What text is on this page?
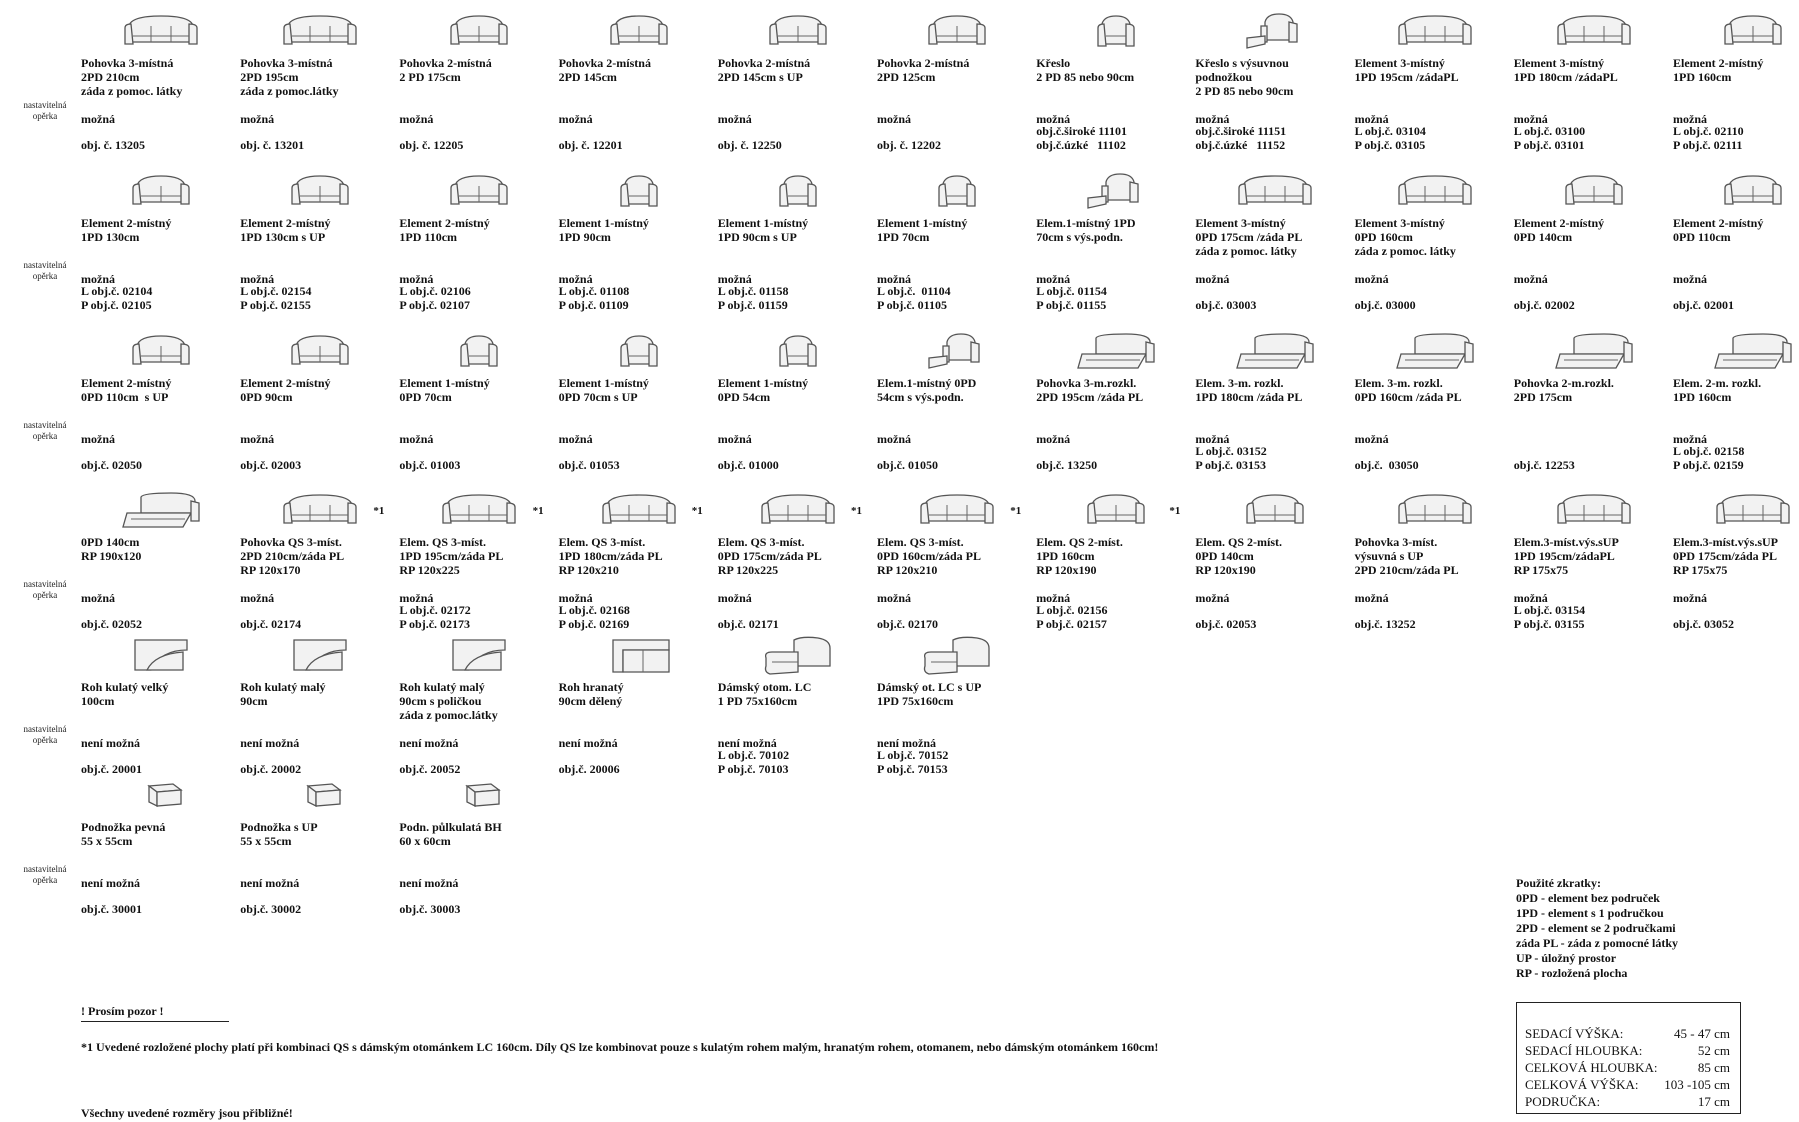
nastavitelná
opěrka
Pohovka 3-místná
2PD 210cm
záda z pomoc. látky
možná
obj. č. 13205
Pohovka 3-místná
2PD 195cm
záda z pomoc.látky
možná
obj. č. 13201
Pohovka 2-místná
2 PD 175cm
možná
obj. č. 12205
Pohovka 2-místná
2PD 145cm
možná
obj. č. 12201
Pohovka 2-místná
2PD 145cm s UP
možná
obj. č. 12250
Pohovka 2-místná
2PD 125cm
možná
obj. č. 12202
Křeslo
2 PD 85 nebo 90cm
možná
obj.č.široké 11101
obj.č.úzké   11102
Křeslo s výsuvnou
podnožkou
2 PD 85 nebo 90cm
možná
obj.č.široké 11151
obj.č.úzké   11152
Element 3-místný
1PD 195cm /zádaPL
možná
L obj.č. 03104
P obj.č. 03105
Element 3-místný
1PD 180cm /zádaPL
možná
L obj.č. 03100
P obj.č. 03101
Element 2-místný
1PD 160cm
možná
L obj.č. 02110
P obj.č. 02111
nastavitelná
opěrka
Element 2-místný
1PD 130cm
možná
L obj.č. 02104
P obj.č. 02105
Element 2-místný
1PD 130cm s UP
možná
L obj.č. 02154
P obj.č. 02155
Element 2-místný
1PD 110cm
možná
L obj.č. 02106
P obj.č. 02107
Element 1-místný
1PD 90cm
možná
L obj.č. 01108
P obj.č. 01109
Element 1-místný
1PD 90cm s UP
možná
L obj.č. 01158
P obj.č. 01159
Element 1-místný
1PD 70cm
možná
L obj.č.  01104
P obj.č. 01105
Elem.1-místný 1PD
70cm s výs.podn.
možná
L obj.č. 01154
P obj.č. 01155
Element 3-místný
0PD 175cm /záda PL
záda z pomoc. látky
možná
obj.č. 03003
Element 3-místný
0PD 160cm
záda z pomoc. látky
možná
obj.č. 03000
Element 2-místný
0PD 140cm
možná
obj.č. 02002
Element 2-místný
0PD 110cm
možná
obj.č. 02001
nastavitelná
opěrka
Element 2-místný
0PD 110cm  s UP
možná
obj.č. 02050
Element 2-místný
0PD 90cm
možná
obj.č. 02003
Element 1-místný
0PD 70cm
možná
obj.č. 01003
Element 1-místný
0PD 70cm s UP
možná
obj.č. 01053
Element 1-místný
0PD 54cm
možná
obj.č. 01000
Elem.1-místný 0PD
54cm s výs.podn.
možná
obj.č. 01050
Pohovka 3-m.rozkl.
2PD 195cm /záda PL
možná
obj.č. 13250
Elem. 3-m. rozkl.
1PD 180cm /záda PL
možná
L obj.č. 03152
P obj.č. 03153
Elem. 3-m. rozkl.
0PD 160cm /záda PL
možná
obj.č.  03050
Pohovka 2-m.rozkl.
2PD 175cm
obj.č. 12253
Elem. 2-m. rozkl.
1PD 160cm
možná
L obj.č. 02158
P obj.č. 02159
nastavitelná
opěrka
0PD 140cm
RP 190x120
možná
obj.č. 02052
Pohovka QS 3-míst.
2PD 210cm/záda PL
RP 120x170
možná
obj.č. 02174
Elem. QS 3-míst.
1PD 195cm/záda PL
RP 120x225
možná
L obj.č. 02172
P obj.č. 02173
*1
Elem. QS 3-míst.
1PD 180cm/záda PL
RP 120x210
možná
L obj.č. 02168
P obj.č. 02169
*1
Elem. QS 3-míst.
0PD 175cm/záda PL
RP 120x225
možná
obj.č. 02171
*1
Elem. QS 3-míst.
0PD 160cm/záda PL
RP 120x210
možná
obj.č. 02170
*1
Elem. QS 2-míst.
1PD 160cm
RP 120x190
možná
L obj.č. 02156
P obj.č. 02157
*1
Elem. QS 2-míst.
0PD 140cm
RP 120x190
možná
obj.č. 02053
*1
Pohovka 3-míst.
výsuvná s UP
2PD 210cm/záda PL
možná
obj.č. 13252
Elem.3-míst.výs.sUP
1PD 195cm/zádaPL
RP 175x75
možná
L obj.č. 03154
P obj.č. 03155
Elem.3-míst.výs.sUP
0PD 175cm/záda PL
RP 175x75
možná
obj.č. 03052
nastavitelná
opěrka
Roh kulatý velký
100cm
není možná
obj.č. 20001
Roh kulatý malý
90cm
není možná
obj.č. 20002
Roh kulatý malý
90cm s poličkou
záda z pomoc.látky
není možná
obj.č. 20052
Roh hranatý
90cm dělený
není možná
obj.č. 20006
Dámský otom. LC
1 PD 75x160cm
není možná
L obj.č. 70102
P obj.č. 70103
Dámský ot. LC s UP
1PD 75x160cm
není možná
L obj.č. 70152
P obj.č. 70153
nastavitelná
opěrka
Podnožka pevná
55 x 55cm
není možná
obj.č. 30001
Podnožka s UP
55 x 55cm
není možná
obj.č. 30002
Podn. půlkulatá BH
60 x 60cm
není možná
obj.č. 30003
Použité zkratky:
0PD - element bez područek
1PD - element s 1 područkou
2PD - element se 2 područkami
záda PL - záda z pomocné látky
UP - úložný prostor
RP - rozložená plocha
SEDACÍ VÝŠKA:	45 - 47 cm
SEDACÍ HLOUBKA:	52 cm
CELKOVÁ HLOUBKA:	85 cm
CELKOVÁ VÝŠKA: 103 -105 cm
PODRUČKA:	17 cm
! Prosím pozor !
*1 Uvedené rozložené plochy platí při kombinaci QS s dámským otománkem LC 160cm. Díly QS lze kombinovat pouze s kulatým rohem malým, hranatým rohem, otomanem, nebo dámským otománkem 160cm!
Všechny uvedené rozměry jsou přibližné!
